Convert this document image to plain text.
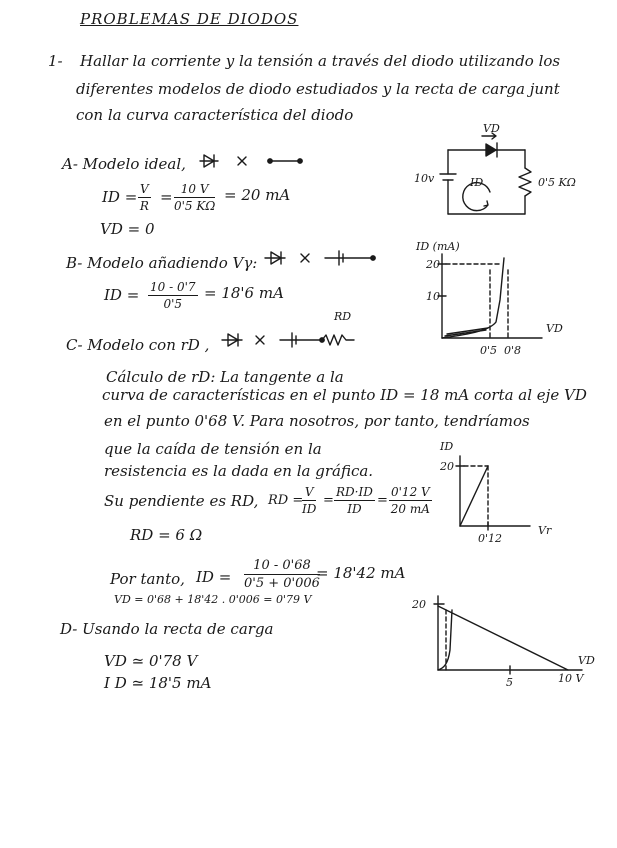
PROBLEMAS DE DIODOS
1- Hallar la corriente y la tensión a través del diodo utilizando los
diferentes modelos de diodo estudiados y la recta de carga junt
con la curva característica del diodo
VD
10v	ID	0'5 KΩ
A- Modelo ideal,
ID = $\frac{V}{R} = \frac{10 V}{0'5 K\Omega} = 20$ mA
VD = 0
ID (mA)
20
10
0'5 0'8
VD
B- Modelo añadiendo Vγ:
ID = $\frac{10 - 0'7}{0'5} = 18'6$ mA
C- Modelo con rD ,
RD
Cálculo de rD: La tangente a la
curva de características en el punto ID = 18 mA corta al eje VD
en el punto 0'68 V. Para nosotros, por tanto, tendríamos
que la caída de tensión en la
resistencia es la dada en la gráfica.
Su pendiente es RD, RD =
$\frac{V}{ID} = \frac{RD\cdot ID}{ID} = \frac{0'12 V}{20 mA}$
ID
20
0'12
Vr
RD = 6 Ω
Por tanto, ID = $\frac{10 - 0'68}{0'5 + 0'006}$
= 18'42 mA
VD = 0'68 + 18'42 . 0'006 = 0'79 V
D- Usando la recta de carga
VD ≃ 0'78 V
I D ≃ 18'5 mA
20
5	10 V
VD
